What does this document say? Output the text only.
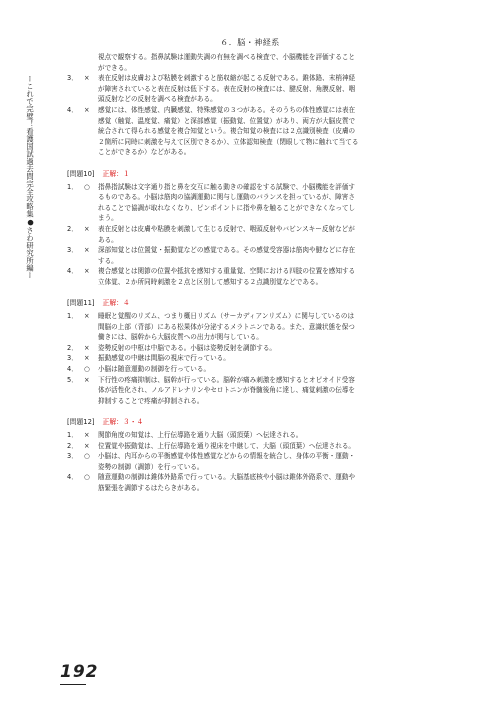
６．脳・神経系
ーこれで完璧！看護国試過去問完全攻略集●さわ研究所編ー
視点で観察する。指鼻試験は運動失調の有無を調べる検査で、小脳機能を評価すること
ができる。
3． ×	表在反射は皮膚および粘膜を刺激すると筋収縮が起こる反射である。錐体路、末梢神経
が障害されていると表在反射は低下する。表在反射の検査には、腱反射、角膜反射、咽
頭反射などの反射を調べる検査がある。
4． ×	感覚には、体性感覚、内臓感覚、特殊感覚の３つがある。そのうちの体性感覚には表在
感覚（触覚、温度覚、痛覚）と深部感覚（振動覚、位置覚）があり、両方が大脳皮質で
統合されて得られる感覚を複合知覚という。複合知覚の検査には２点識別検査（皮膚の
２箇所に同時に刺激を与えて区別できるか）、立体認知検査（閉眼して物に触れて当てる
ことができるか）などがある。
[問題10] 正解：１
1． ○	指鼻指試験は文字通り指と鼻を交互に触る動きの確認をする試験で、小脳機能を評価す
るものである。小脳は筋肉の協調運動に関与し運動のバランスを担っているが、障害さ
れることで協調が取れなくなり、ピンポイントに指や鼻を触ることができなくなってし
まう。
2． ×	表在反射とは皮膚や粘膜を刺激して生じる反射で、咽頭反射やバビンスキー反射などが
ある。
3． ×	深部知覚とは位置覚・振動覚などの感覚である。その感覚受容器は筋肉や腱などに存在
する。
4． ×	複合感覚とは関節の位置や抵抗を感知する重量覚、空間における四肢の位置を感知する
立体覚、２か所同時刺激を２点と区別して感知する２点識別覚などである。
[問題11] 正解：４
1． ×	睡眠と覚醒のリズム、つまり概日リズム（サーカディアンリズム）に関与しているのは
間脳の上部（背部）にある松果体が分泌するメラトニンである。また、意識状態を保つ
働きには、脳幹から大脳皮質への出力が関与している。
2． ×	姿勢反射の中枢は中脳である。小脳は姿勢反射を調節する。
3． ×	振動感覚の中継は間脳の視床で行っている。
4． ○	小脳は随意運動の制御を行っている。
5． ×	下行性の疼痛抑制は、脳幹が行っている。脳幹が痛み刺激を感知するとオピオイド受容
体が活性化され、ノルアドレナリンやセロトニンが脊髄後角に達し、痛覚刺激の伝導を
抑制することで疼痛が抑制される。
[問題12] 正解：３・４
1． ×	関節角度の知覚は、上行伝導路を通り大脳（頭頂葉）へ伝達される。
2． ×	位置覚や振動覚は、上行伝導路を通り視床を中継して、大脳（頭頂葉）へ伝達される。
3． ○	小脳は、内耳からの平衡感覚や体性感覚などからの情報を統合し、身体の平衡・運動・
姿勢の制御（調節）を行っている。
4． ○	随意運動の制御は錐体外路系で行っている。大脳基底核や小脳は錐体外路系で、運動や
筋緊張を調節するはたらきがある。
192
